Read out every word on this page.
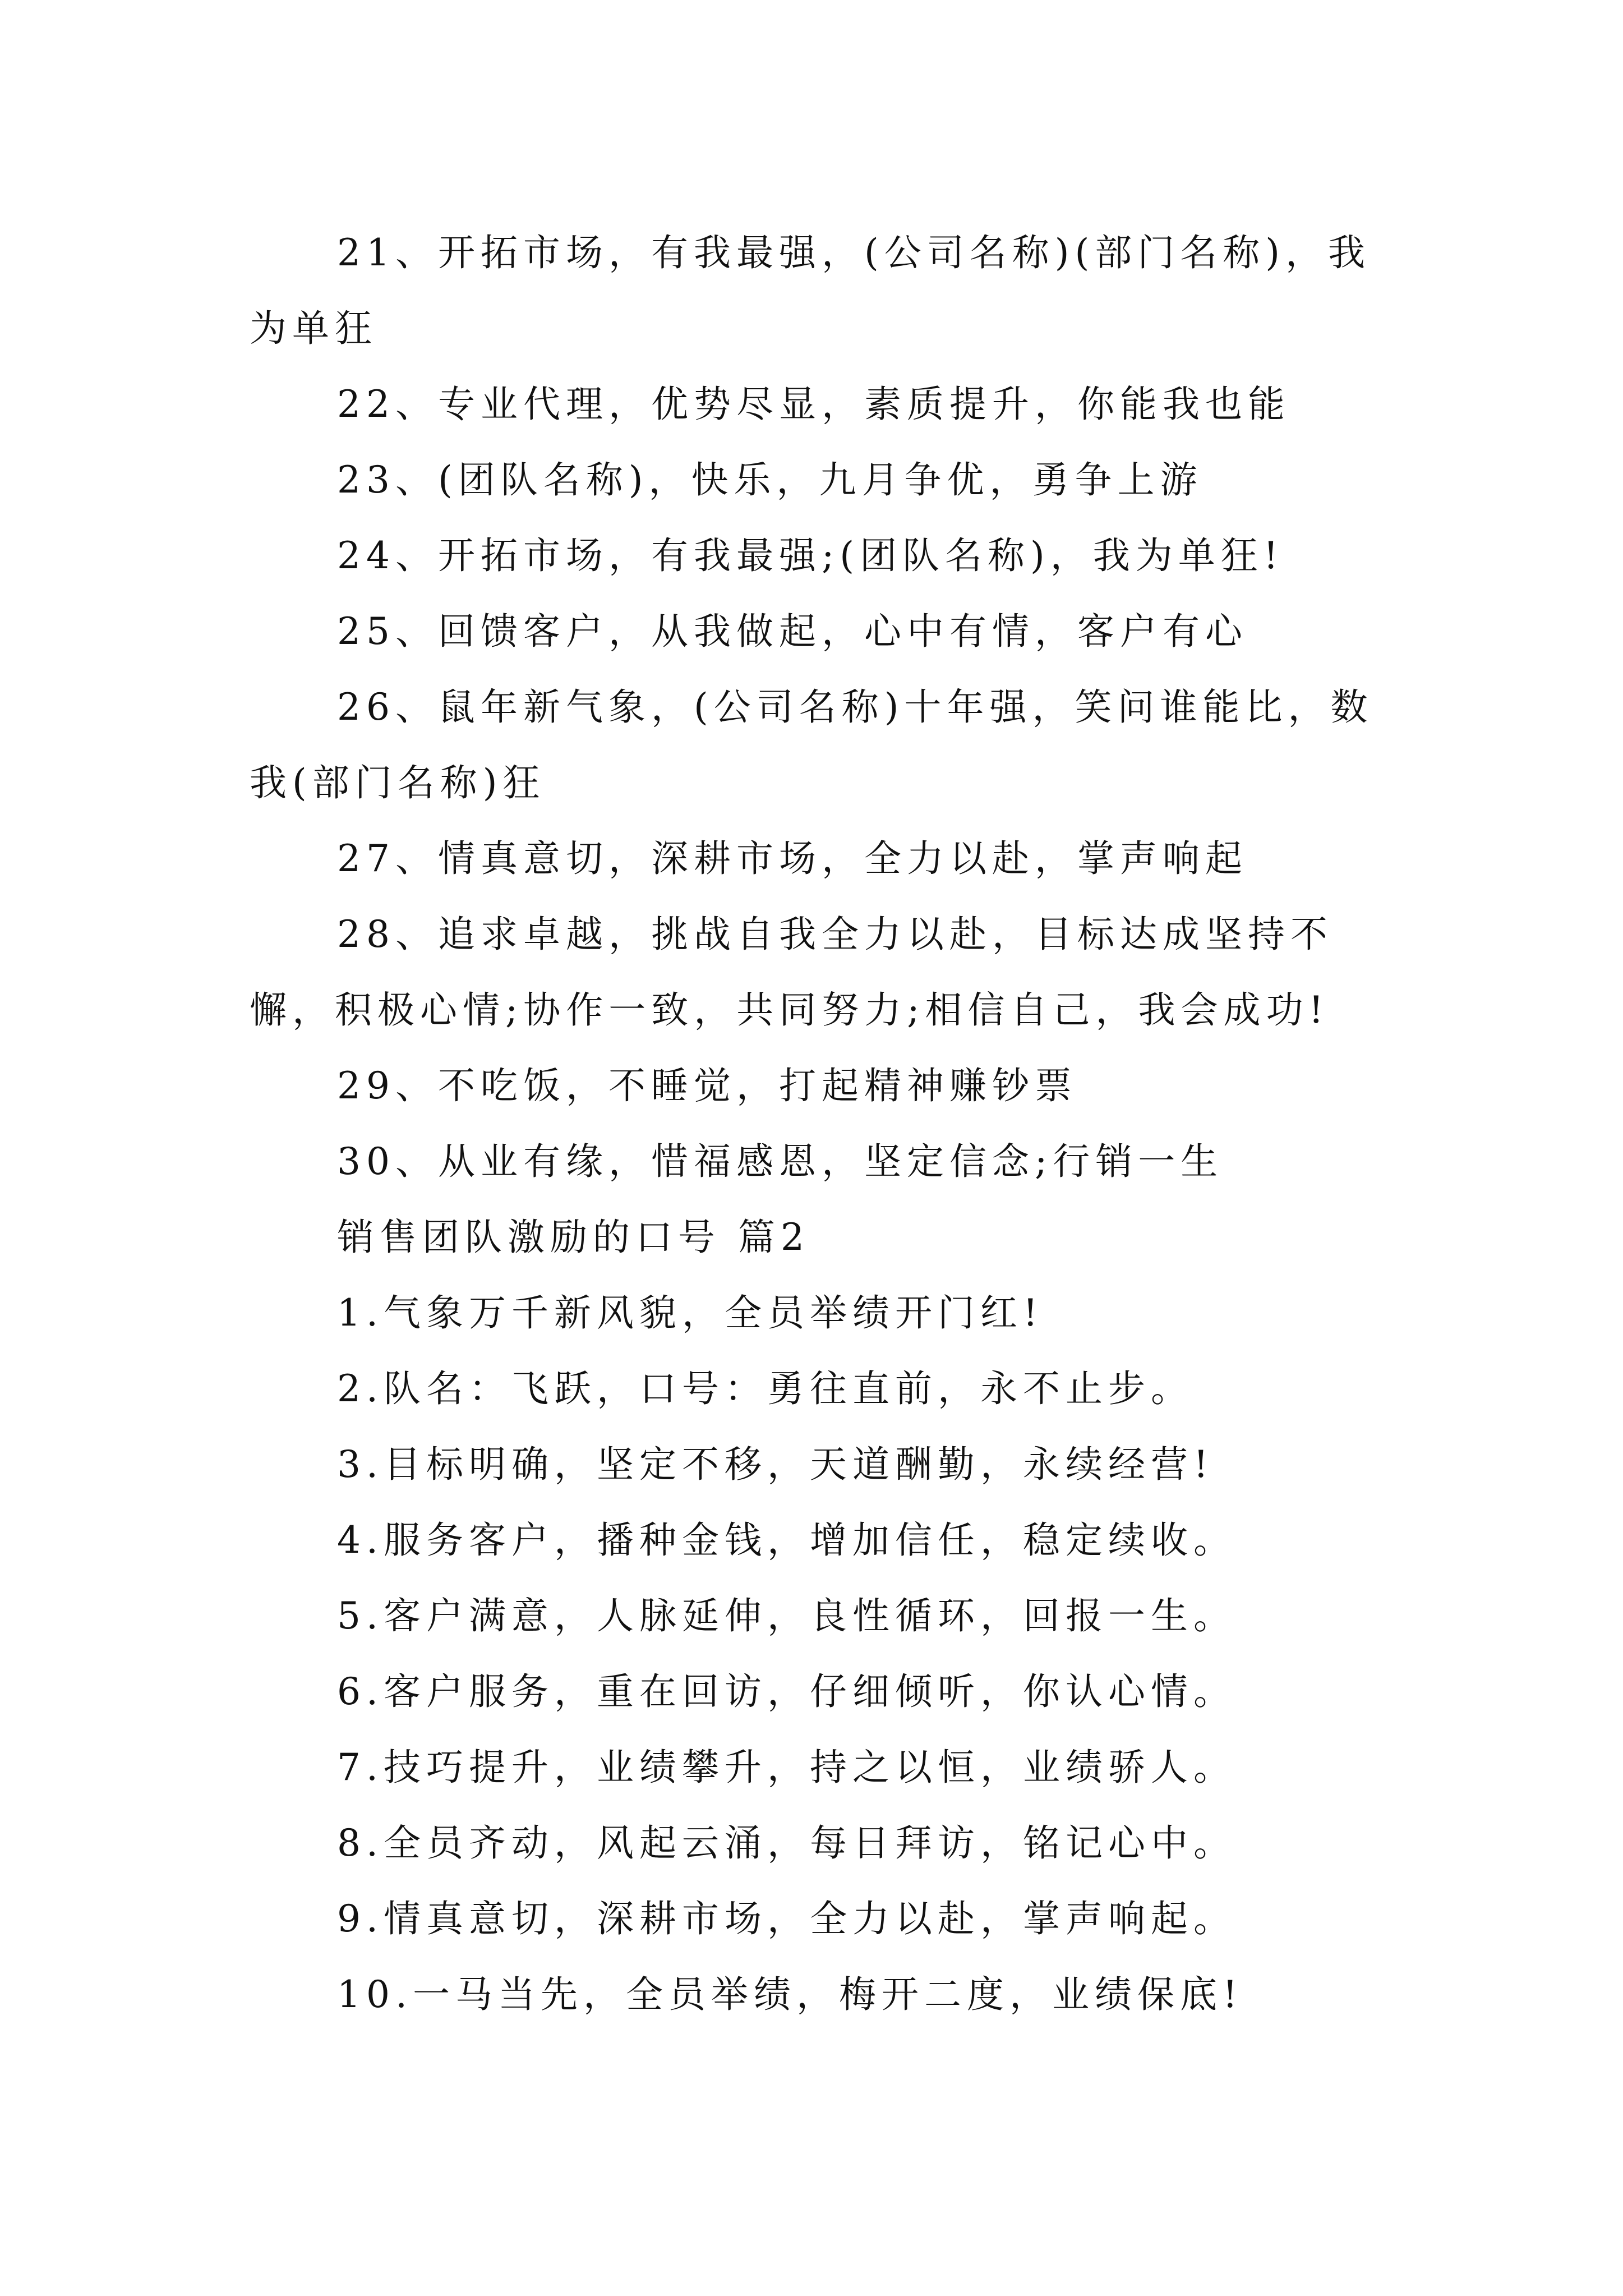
21、开拓市场，有我最强，(公司名称)(部门名称)，我为单狂

22、专业代理，优势尽显，素质提升，你能我也能

23、(团队名称)，快乐，九月争优，勇争上游

24、开拓市场，有我最强;(团队名称)，我为单狂!

25、回馈客户，从我做起，心中有情，客户有心

26、鼠年新气象，(公司名称)十年强，笑问谁能比，数我(部门名称)狂

27、情真意切，深耕市场，全力以赴，掌声响起

28、追求卓越，挑战自我全力以赴，目标达成坚持不懈，积极心情;协作一致，共同努力;相信自己，我会成功!

29、不吃饭，不睡觉，打起精神赚钞票

30、从业有缘，惜福感恩，坚定信念;行销一生

销售团队激励的口号 篇2

1.气象万千新风貌，全员举绩开门红!

2.队名：飞跃，口号：勇往直前，永不止步。

3.目标明确，坚定不移，天道酬勤，永续经营!

4.服务客户，播种金钱，增加信任，稳定续收。

5.客户满意，人脉延伸，良性循环，回报一生。

6.客户服务，重在回访，仔细倾听，你认心情。

7.技巧提升，业绩攀升，持之以恒，业绩骄人。

8.全员齐动，风起云涌，每日拜访，铭记心中。

9.情真意切，深耕市场，全力以赴，掌声响起。

10.一马当先，全员举绩，梅开二度，业绩保底!
